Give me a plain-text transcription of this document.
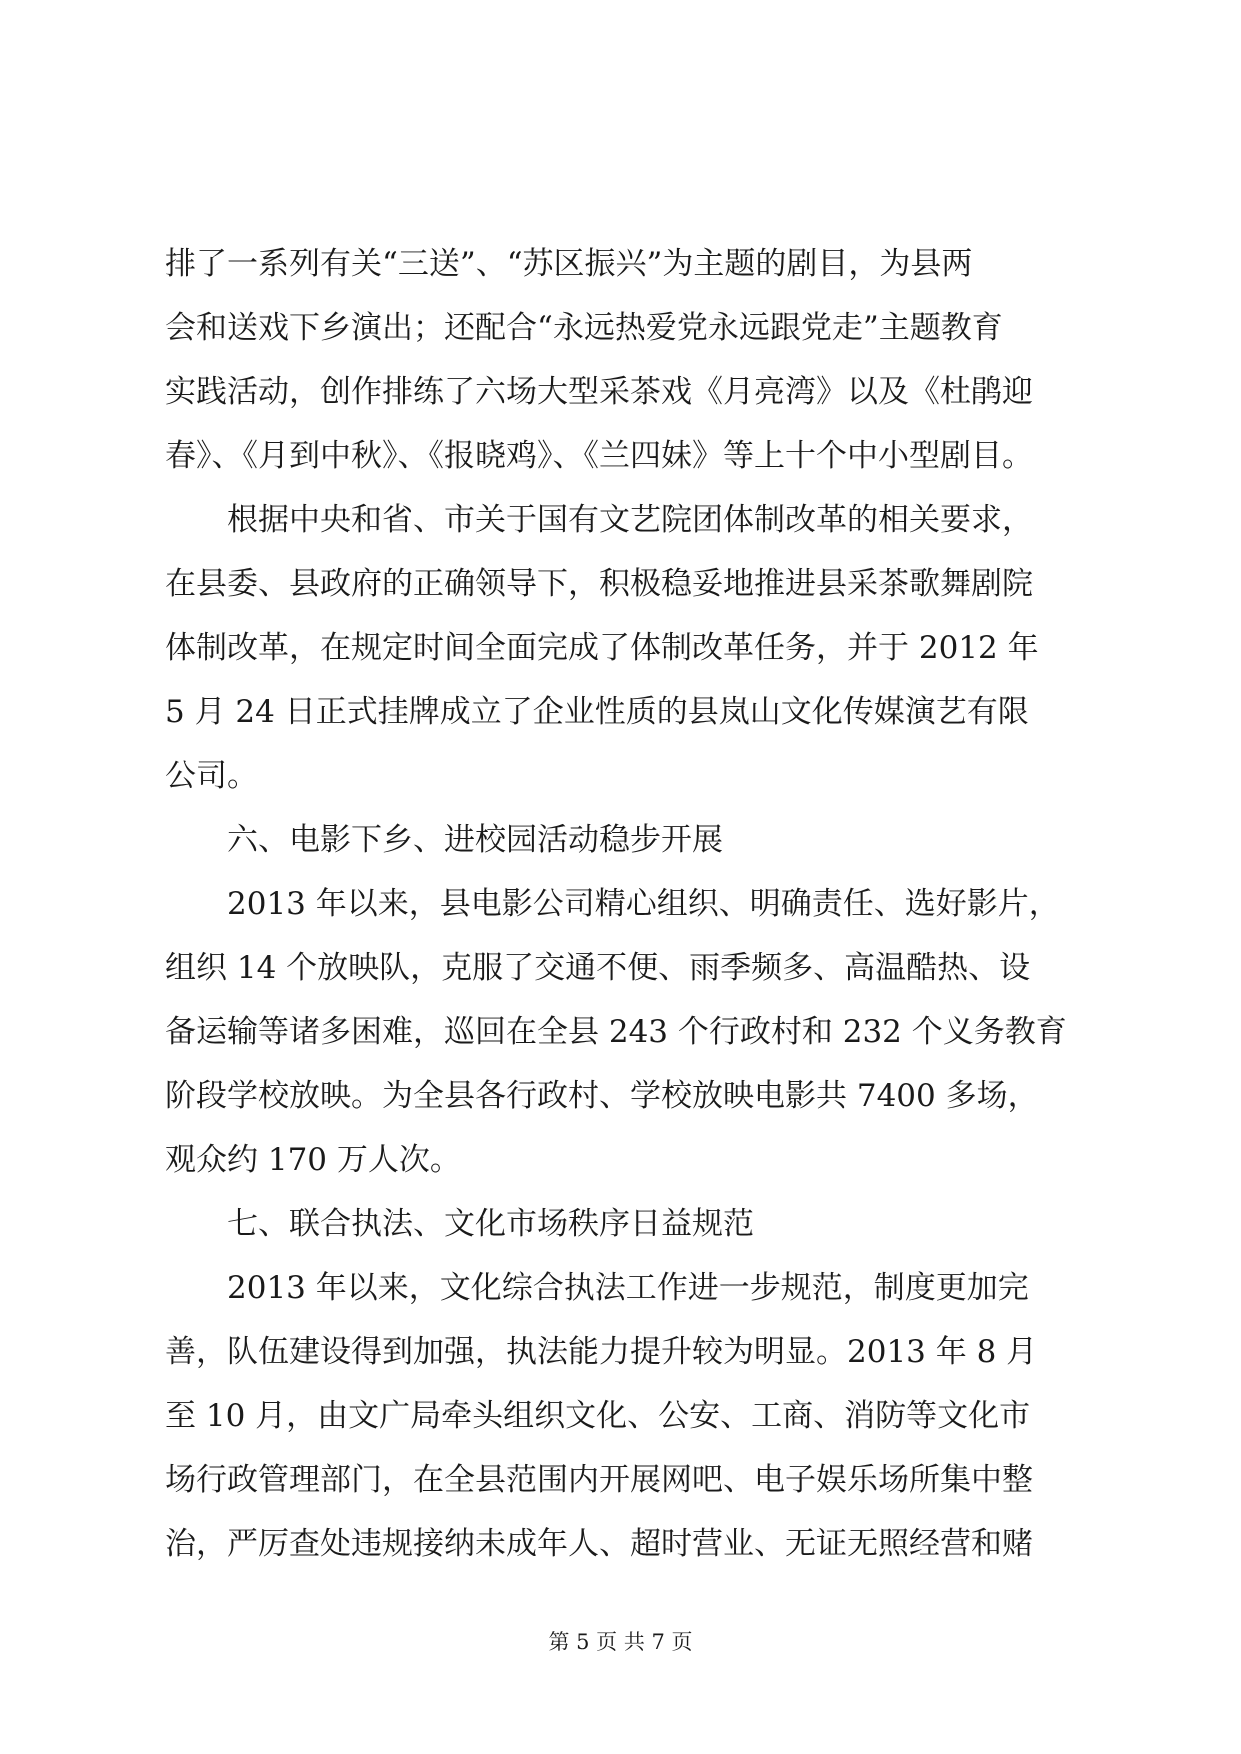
排了一系列有关“三送”、“苏区振兴”为主题的剧目，为县两
会和送戏下乡演出；还配合“永远热爱党永远跟党走”主题教育
实践活动，创作排练了六场大型采茶戏《月亮湾》以及《杜鹃迎
春》、《月到中秋》、《报晓鸡》、《兰四妹》等上十个中小型剧目。
　　根据中央和省、市关于国有文艺院团体制改革的相关要求，
在县委、县政府的正确领导下，积极稳妥地推进县采茶歌舞剧院
体制改革，在规定时间全面完成了体制改革任务，并于 2012 年
5 月 24 日正式挂牌成立了企业性质的县岚山文化传媒演艺有限
公司。
　　六、电影下乡、进校园活动稳步开展
　　2013 年以来，县电影公司精心组织、明确责任、选好影片，
组织 14 个放映队，克服了交通不便、雨季频多、高温酷热、设
备运输等诸多困难，巡回在全县 243 个行政村和 232 个义务教育
阶段学校放映。为全县各行政村、学校放映电影共 7400 多场，
观众约 170 万人次。
　　七、联合执法、文化市场秩序日益规范
　　2013 年以来，文化综合执法工作进一步规范，制度更加完
善，队伍建设得到加强，执法能力提升较为明显。2013 年 8 月
至 10 月，由文广局牵头组织文化、公安、工商、消防等文化市
场行政管理部门，在全县范围内开展网吧、电子娱乐场所集中整
治，严厉查处违规接纳未成年人、超时营业、无证无照经营和赌
第 5 页 共 7 页
